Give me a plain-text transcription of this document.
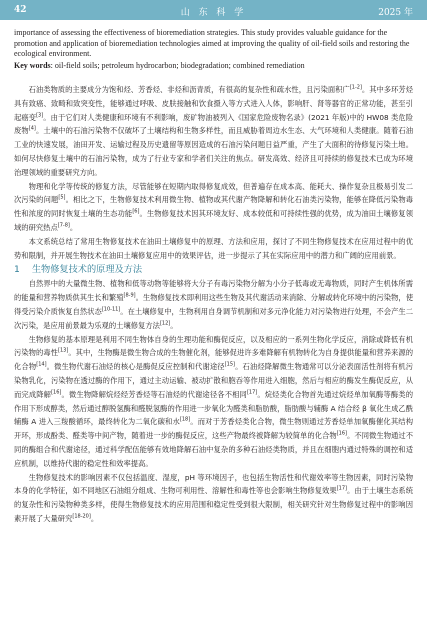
42	山 东 科 学	2025 年

importance of assessing the effectiveness of bioremediation strategies. This study provides valuable guidance for the promotion and application of bioremediation technologies aimed at improving the quality of oil-field soils and restoring the ecological environment.

Key words: oil-field soils; petroleum hydrocarbon; biodegradation; combined remediation

石油类物质的主要成分为饱和烃、芳香烃、非烃和沥青质，有很高的复杂性和疏水性，且污染面积广[1-2]。其中多环芳烃具有致癌、致畸和致突变性，能够通过呼吸、皮肤接触和饮食摄入等方式进入人体，影响肝、肾等器官的正常功能，甚至引起癌变[3]。由于它们对人类健康和环境有不利影响，废矿物油被列入《国家危险废物名录》(2021 年版)中的 HW08 类危险废物[4]。土壤中的石油污染物不仅破坏了土壤结构和生物多样性，而且威胁着周边水生态、大气环境和人类健康。随着石油工业的快速发展，油田开发、运输过程及历史遗留等原因造成的石油污染问题日益严重，产生了大面积的待修复污染土地。如何尽快修复土壤中的石油污染物，成为了行业专家和学者们关注的焦点。研发高效、经济且可持续的修复技术已成为环境治理领域的重要研究方向。

物理和化学等传统的修复方法，尽管能够在短期内取得修复成效，但普遍存在成本高、能耗大、操作复杂且极易引发二次污染的问题[5]。相比之下，生物修复技术利用微生物、植物或其代谢产物降解和转化石油类污染物，能够在降低污染物毒性和浓度的同时恢复土壤的生态功能[6]。生物修复技术因其环境友好、成本较低和可持续性强的优势，成为油田土壤修复领域的研究热点[7-8]。

本文系统总结了常用生物修复技术在油田土壤修复中的原理、方法和应用，探讨了不同生物修复技术在应用过程中的优势和限制，并开展生物技术在油田土壤修复应用中的效果评估，进一步提示了其在实际应用中的潜力和广阔的应用前景。

1 生物修复技术的原理及方法

自然界中的大量微生物、植物和低等动物等能够将大分子有毒污染物分解为小分子低毒或无毒物质，同时产生机体所需的能量和营养物质供其生长和繁殖[8-9]。生物修复技术即利用这些生物及其代谢活动来消除、分解或转化环境中的污染物，使得受污染介质恢复自然状态[10-11]。在土壤修复中，生物利用自身调节机制和对多元净化能力对污染物进行处理，不会产生二次污染，是应用前景最为乐观的土壤修复方法[12]。

生物修复的基本原理是利用不同生物体自身的生理功能和酶促反应，以及相应的一系列生物化学反应，消除或降低有机污染物的毒性[13]。其中，生物酶是微生物合成的生物催化剂，能够促进许多难降解有机物转化为自身提供能量和营养来源的化合物[14]。微生物代谢石油烃的核心是酶促反应控制和代谢途径[15]。石油烃降解微生物通常可以分泌表面活性剂将有机污染物乳化，污染物在透过酶的作用下，通过主动运输、被动扩散和胞吞等作用进入细胞，然后与相应的酶发生酶促反应，从而完成降解[16]。微生物降解烷烃经芳香烃等石油烃的代谢途径各不相同[17]。烷烃类化合物首先通过烷烃单加氧酶等酶类的作用下形成醇类，然后通过醇脱氢酶和醛脱氢酶的作用进一步氧化为醛类和脂肪酸，脂肪酸与辅酶 A 结合经 β 氧化生成乙酰辅酶 A 进入三羧酸循环，最终转化为二氧化碳和水[18]。而对于芳香烃类化合物，微生物则通过芳香烃单加氧酶催化其结构开环，形成酚类、醛类等中间产物，随着进一步的酶促反应，这些产物最终被降解为较简单的化合物[16]。不同微生物通过不同的酶组合和代谢途径，通过科学配伍能够有效地降解石油中复杂的多种石油烃类物质，并且在细胞内通过特殊的调控和适应机制，以维持代谢的稳定性和效率提高。

生物修复技术的影响因素不仅包括温度、湿度，pH 等环境因子，也包括生物活性和代谢效率等生物因素，同时污染物本身的化学特征，如不同地区石油组分组成、生物可利用性、溶解性和毒性等也会影响生物修复效果[17]。由于土壤生态系统的复杂性和污染物种类多样，使得生物修复技术的应用范围和稳定性受到很大限制，相关研究针对生物修复过程中的影响因素开展了大量研究[18-20]。
